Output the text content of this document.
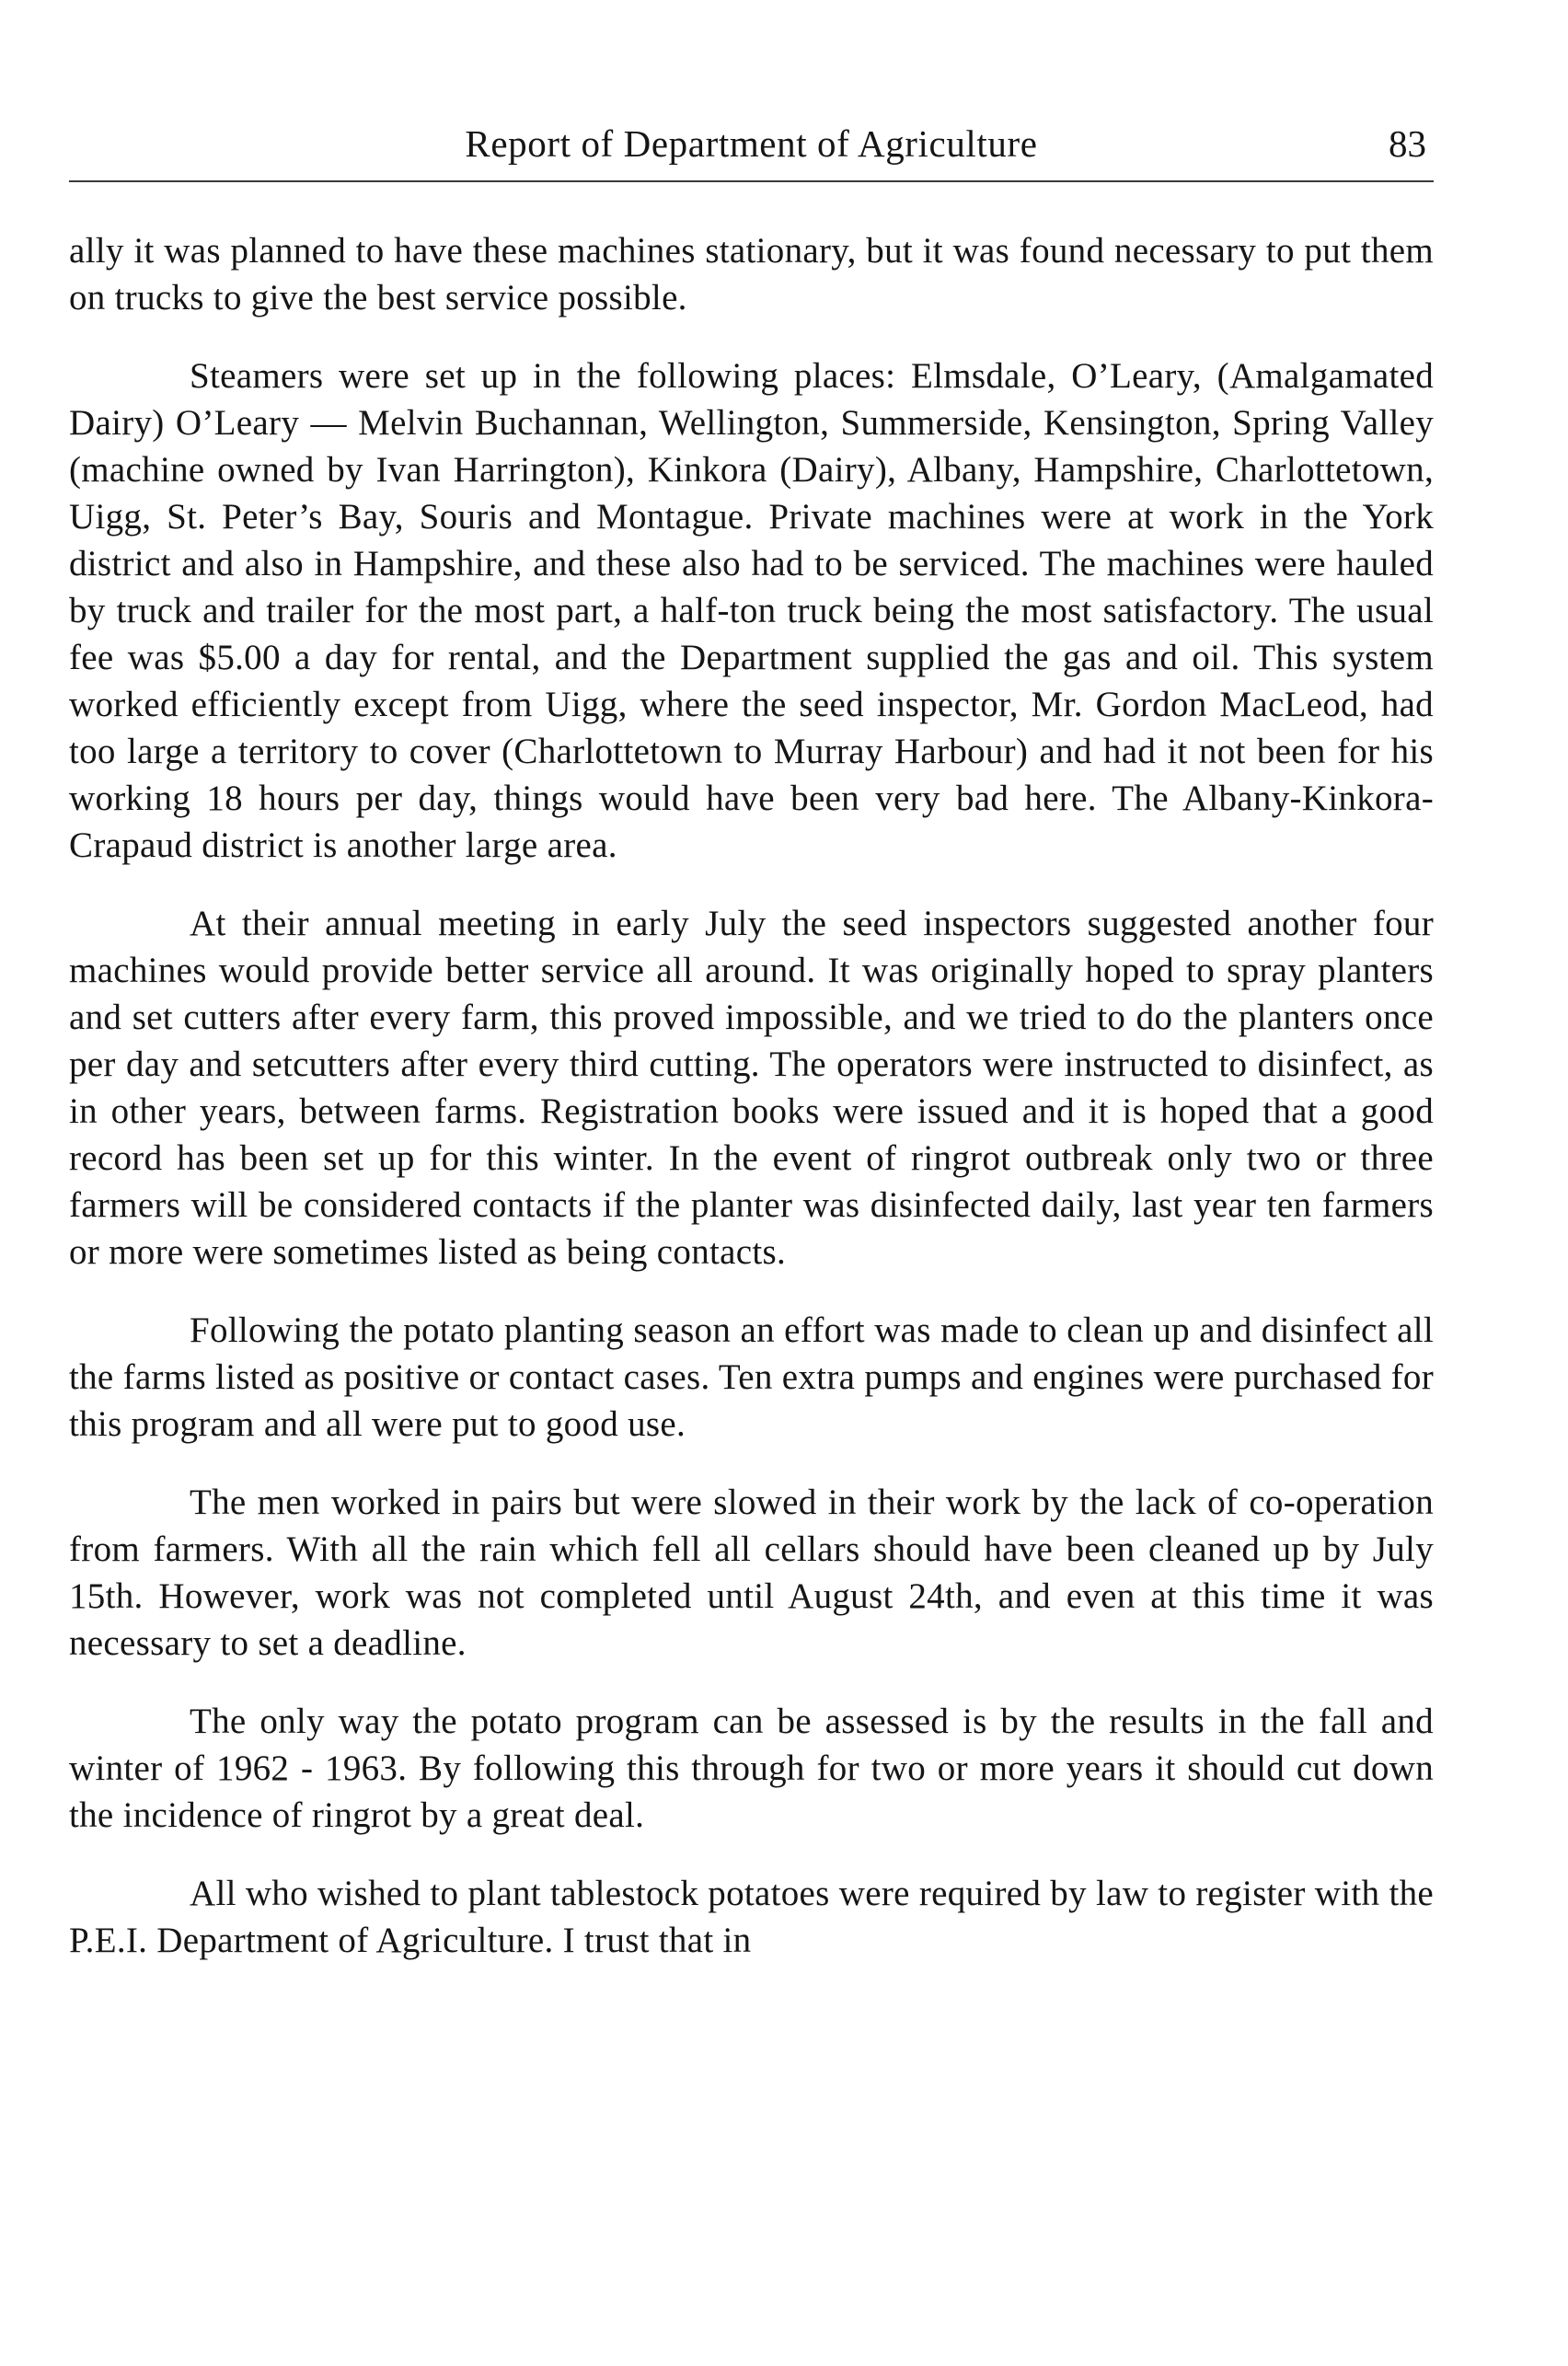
Report of Department of Agriculture	83

ally it was planned to have these machines stationary, but it was found necessary to put them on trucks to give the best service possible.

Steamers were set up in the following places: Elmsdale, O’Leary, (Amalgamated Dairy) O’Leary — Melvin Buchannan, Wellington, Summerside, Kensington, Spring Valley (machine owned by Ivan Harrington), Kinkora (Dairy), Albany, Hampshire, Charlottetown, Uigg, St. Peter’s Bay, Souris and Montague. Private machines were at work in the York district and also in Hampshire, and these also had to be serviced. The machines were hauled by truck and trailer for the most part, a half-ton truck being the most satisfactory. The usual fee was $5.00 a day for rental, and the Department supplied the gas and oil. This system worked efficiently except from Uigg, where the seed inspector, Mr. Gordon MacLeod, had too large a territory to cover (Charlottetown to Murray Harbour) and had it not been for his working 18 hours per day, things would have been very bad here. The Albany-Kinkora-Crapaud district is another large area.

At their annual meeting in early July the seed inspectors suggested another four machines would provide better service all around. It was originally hoped to spray planters and set cutters after every farm, this proved impossible, and we tried to do the planters once per day and setcutters after every third cutting. The operators were instructed to disinfect, as in other years, between farms. Registration books were issued and it is hoped that a good record has been set up for this winter. In the event of ringrot outbreak only two or three farmers will be considered contacts if the planter was disinfected daily, last year ten farmers or more were sometimes listed as being contacts.

Following the potato planting season an effort was made to clean up and disinfect all the farms listed as positive or contact cases. Ten extra pumps and engines were purchased for this program and all were put to good use.

The men worked in pairs but were slowed in their work by the lack of co-operation from farmers. With all the rain which fell all cellars should have been cleaned up by July 15th. However, work was not completed until August 24th, and even at this time it was necessary to set a deadline.

The only way the potato program can be assessed is by the results in the fall and winter of 1962 - 1963. By following this through for two or more years it should cut down the incidence of ringrot by a great deal.

All who wished to plant tablestock potatoes were required by law to register with the P.E.I. Department of Agriculture. I trust that in
